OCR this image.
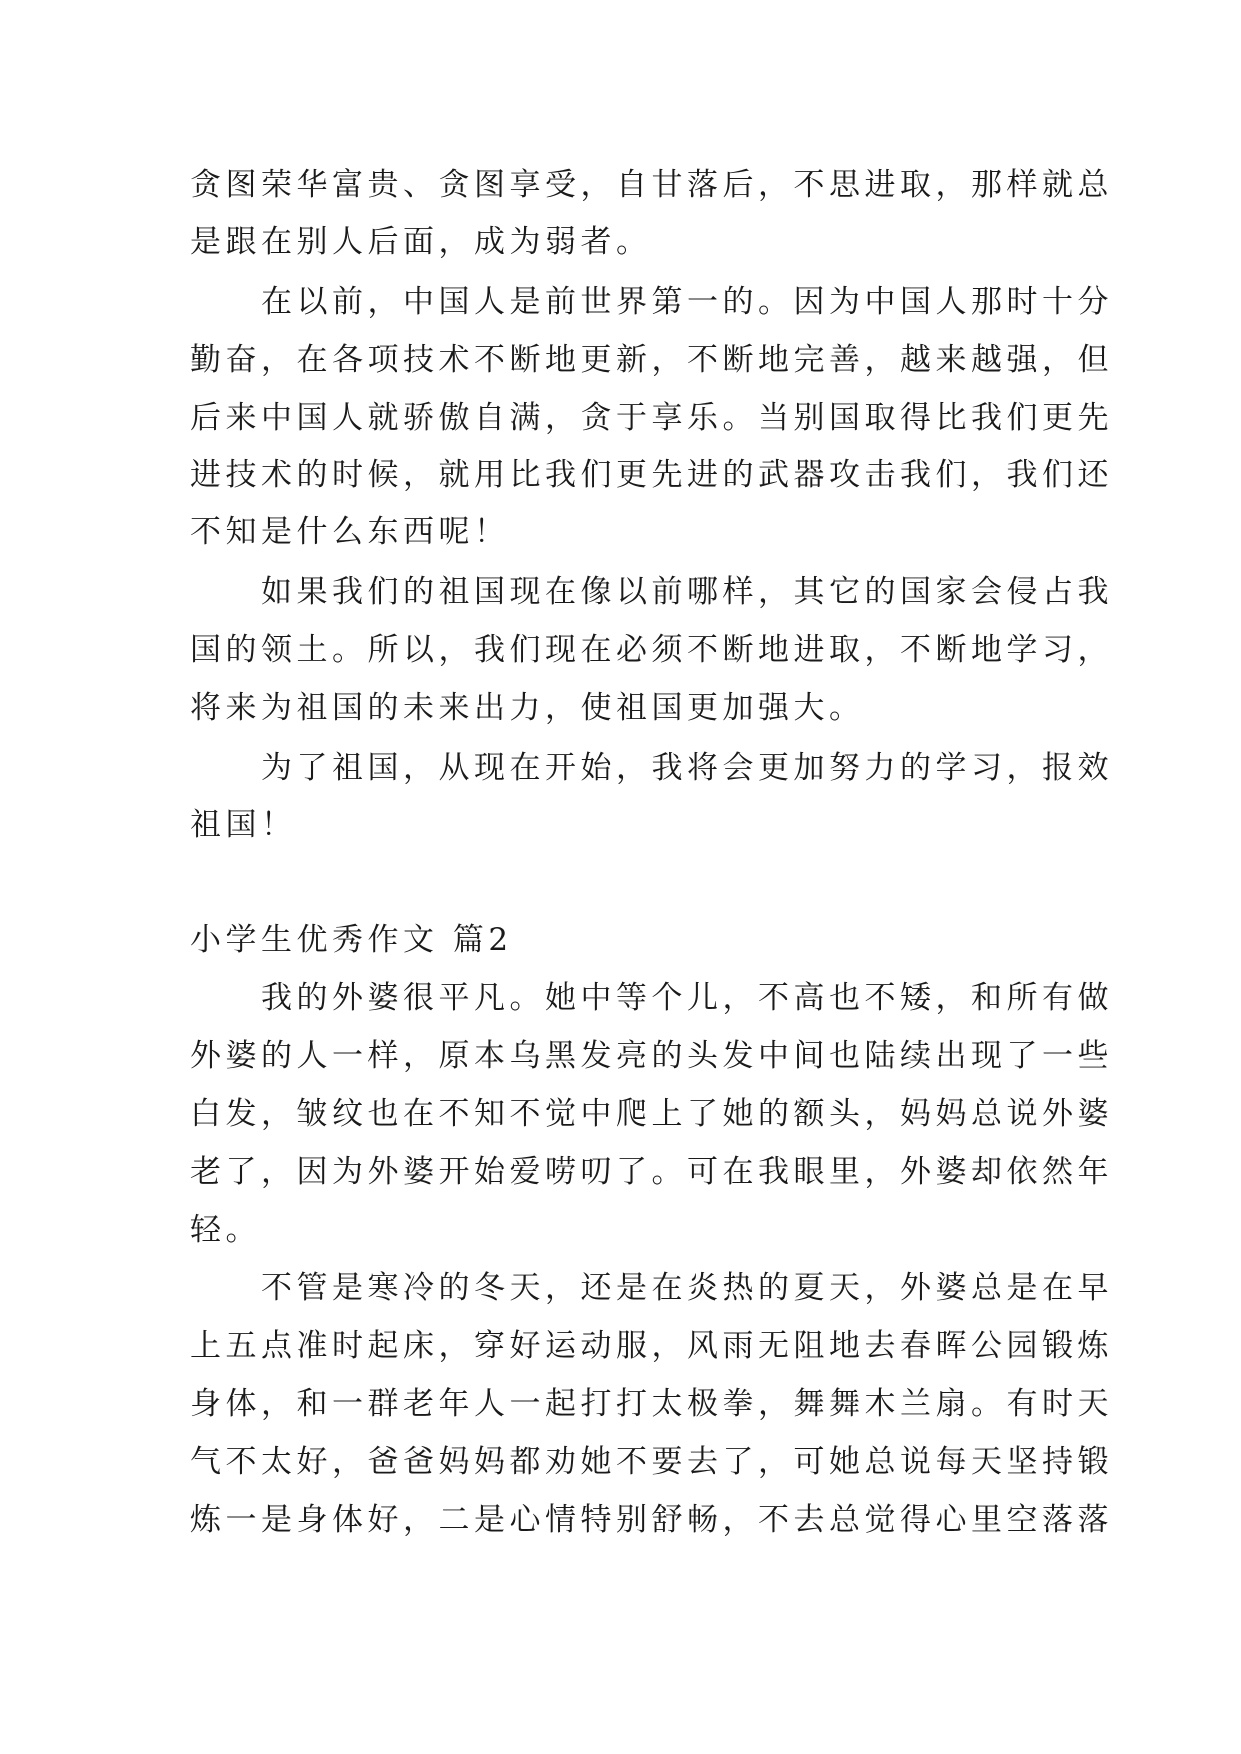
贪图荣华富贵、贪图享受，自甘落后，不思进取，那样就总
是跟在别人后面，成为弱者。
　　在以前，中国人是前世界第一的。因为中国人那时十分
勤奋，在各项技术不断地更新，不断地完善，越来越强，但
后来中国人就骄傲自满，贪于享乐。当别国取得比我们更先
进技术的时候，就用比我们更先进的武器攻击我们，我们还
不知是什么东西呢！
　　如果我们的祖国现在像以前哪样，其它的国家会侵占我
国的领土。所以，我们现在必须不断地进取，不断地学习，
将来为祖国的未来出力，使祖国更加强大。
　　为了祖国，从现在开始，我将会更加努力的学习，报效
祖国！
小学生优秀作文 篇2
　　我的外婆很平凡。她中等个儿，不高也不矮，和所有做
外婆的人一样，原本乌黑发亮的头发中间也陆续出现了一些
白发，皱纹也在不知不觉中爬上了她的额头，妈妈总说外婆
老了，因为外婆开始爱唠叨了。可在我眼里，外婆却依然年
轻。
　　不管是寒冷的冬天，还是在炎热的夏天，外婆总是在早
上五点准时起床，穿好运动服，风雨无阻地去春晖公园锻炼
身体，和一群老年人一起打打太极拳，舞舞木兰扇。有时天
气不太好，爸爸妈妈都劝她不要去了，可她总说每天坚持锻
炼一是身体好，二是心情特别舒畅，不去总觉得心里空落落
